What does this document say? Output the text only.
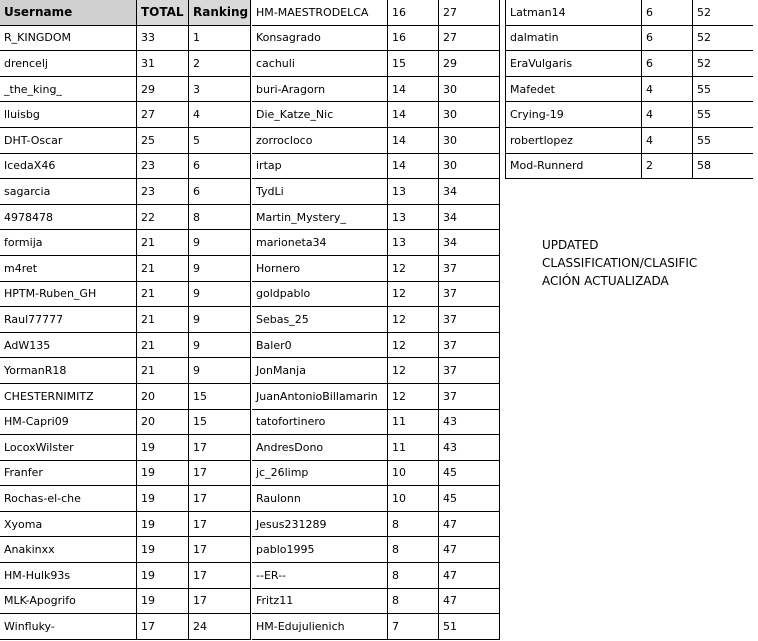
Username	TOTAL	Ranking
R_KINGDOM	33	1
drencelj	31	2
_the_king_	29	3
lluisbg	27	4
DHT-Oscar	25	5
IcedaX46	23	6
sagarcia	23	6
4978478	22	8
formija	21	9
m4ret	21	9
HPTM-Ruben_GH	21	9
Raul77777	21	9
AdW135	21	9
YormanR18	21	9
CHESTERNIMITZ	20	15
HM-Capri09	20	15
LocoxWilster	19	17
Franfer	19	17
Rochas-el-che	19	17
Xyoma	19	17
Anakinxx	19	17
HM-Hulk93s	19	17
MLK-Apogrifo	19	17
Winfluky-	17	24
HM-MAESTRODELCA	16	27
Konsagrado	16	27
cachuli	15	29
buri-Aragorn	14	30
Die_Katze_Nic	14	30
zorrocloco	14	30
irtap	14	30
TydLi	13	34
Martin_Mystery_	13	34
marioneta34	13	34
Hornero	12	37
goldpablo	12	37
Sebas_25	12	37
Baler0	12	37
JonManja	12	37
JuanAntonioBillamarin	12	37
tatofortinero	11	43
AndresDono	11	43
jc_26limp	10	45
Raulonn	10	45
Jesus231289	8	47
pablo1995	8	47
--ER--	8	47
Fritz11	8	47
HM-Edujulienich	7	51
Latman14	6	52
dalmatin	6	52
EraVulgaris	6	52
Mafedet	4	55
Crying-19	4	55
robertlopez	4	55
Mod-Runnerd	2	58
UPDATED
CLASSIFICATION/CLASIFIC
ACIÓN ACTUALIZADA
